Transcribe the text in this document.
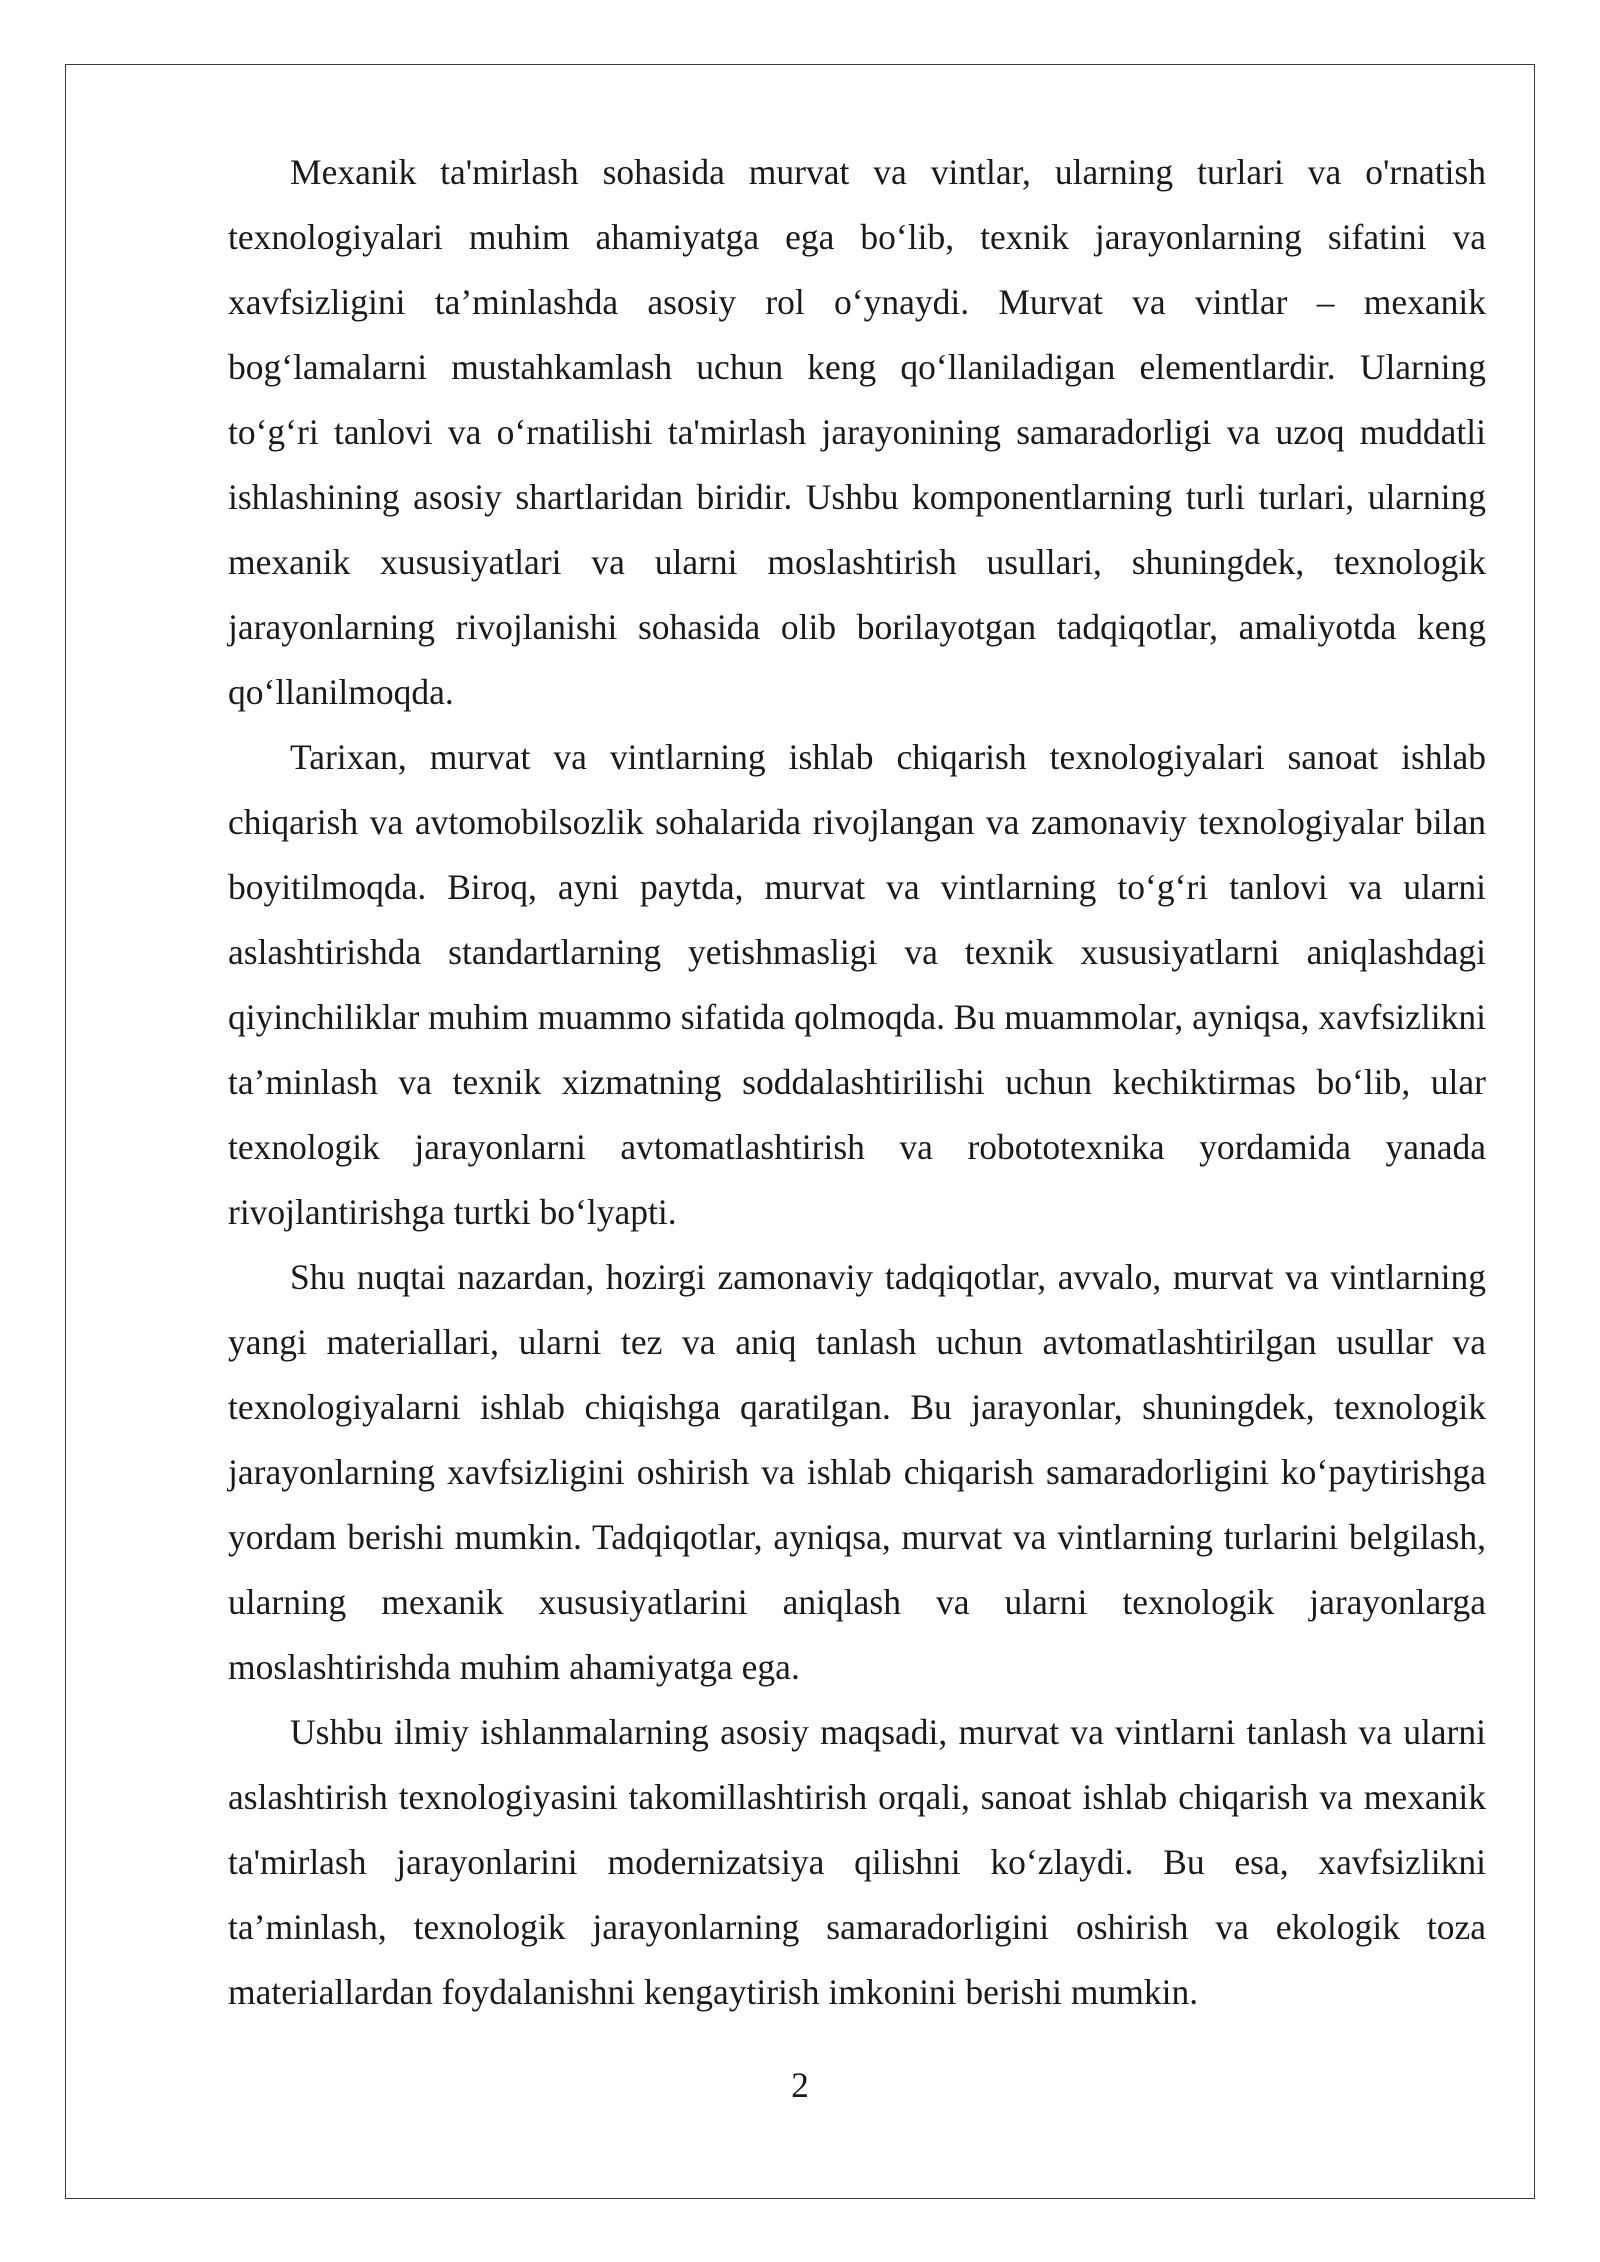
Mexanik ta'mirlash sohasida murvat va vintlar, ularning turlari va o'rnatish texnologiyalari muhim ahamiyatga ega bo‘lib, texnik jarayonlarning sifatini va xavfsizligini ta’minlashda asosiy rol o‘ynaydi. Murvat va vintlar – mexanik bog‘lamalarni mustahkamlash uchun keng qo‘llaniladigan elementlardir. Ularning to‘g‘ri tanlovi va o‘rnatilishi ta'mirlash jarayonining samaradorligi va uzoq muddatli ishlashining asosiy shartlaridan biridir. Ushbu komponentlarning turli turlari, ularning mexanik xususiyatlari va ularni moslashtirish usullari, shuningdek, texnologik jarayonlarning rivojlanishi sohasida olib borilayotgan tadqiqotlar, amaliyotda keng qo‘llanilmoqda.

Tarixan, murvat va vintlarning ishlab chiqarish texnologiyalari sanoat ishlab chiqarish va avtomobilsozlik sohalarida rivojlangan va zamonaviy texnologiyalar bilan boyitilmoqda. Biroq, ayni paytda, murvat va vintlarning to‘g‘ri tanlovi va ularni aslashtirishda standartlarning yetishmasligi va texnik xususiyatlarni aniqlashdagi qiyinchiliklar muhim muammo sifatida qolmoqda. Bu muammolar, ayniqsa, xavfsizlikni ta’minlash va texnik xizmatning soddalashtirilishi uchun kechiktirmas bo‘lib, ular texnologik jarayonlarni avtomatlashtirish va robototexnika yordamida yanada rivojlantirishga turtki bo‘lyapti.

Shu nuqtai nazardan, hozirgi zamonaviy tadqiqotlar, avvalo, murvat va vintlarning yangi materiallari, ularni tez va aniq tanlash uchun avtomatlashtirilgan usullar va texnologiyalarni ishlab chiqishga qaratilgan. Bu jarayonlar, shuningdek, texnologik jarayonlarning xavfsizligini oshirish va ishlab chiqarish samaradorligini ko‘paytirishga yordam berishi mumkin. Tadqiqotlar, ayniqsa, murvat va vintlarning turlarini belgilash, ularning mexanik xususiyatlarini aniqlash va ularni texnologik jarayonlarga moslashtirishda muhim ahamiyatga ega.

Ushbu ilmiy ishlanmalarning asosiy maqsadi, murvat va vintlarni tanlash va ularni aslashtirish texnologiyasini takomillashtirish orqali, sanoat ishlab chiqarish va mexanik ta'mirlash jarayonlarini modernizatsiya qilishni ko‘zlaydi. Bu esa, xavfsizlikni ta’minlash, texnologik jarayonlarning samaradorligini oshirish va ekologik toza materiallardan foydalanishni kengaytirish imkonini berishi mumkin.

2
